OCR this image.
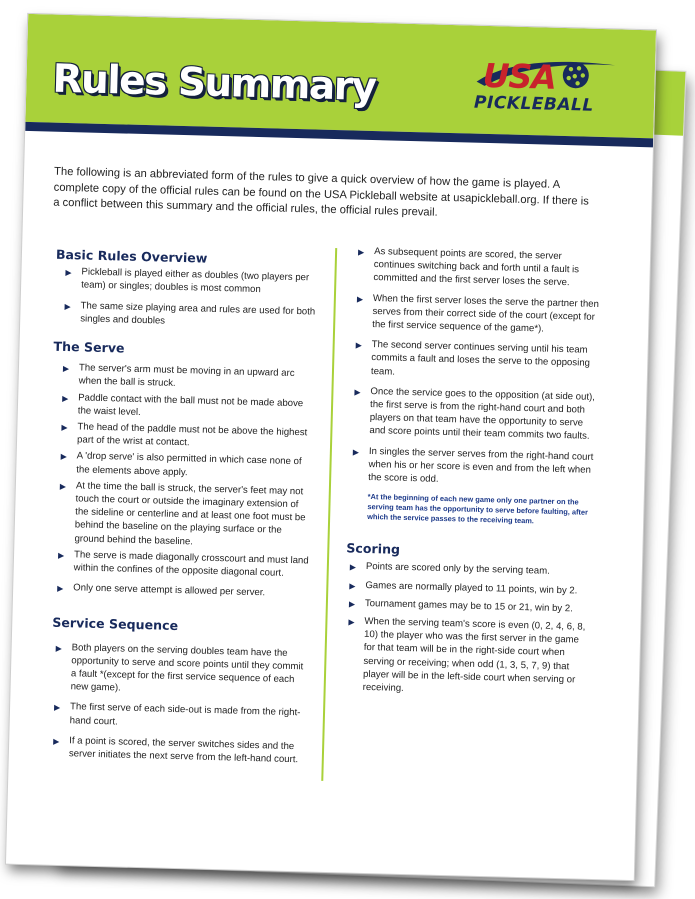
Rules Summary	USA
PICKLEBALL

The following is an abbreviated form of the rules to give a quick overview of how the game is played. A complete copy of the official rules can be found on the USA Pickleball website at usapickleball.org. If there is a conflict between this summary and the official rules, the official rules prevail.

Basic Rules Overview
▶ Pickleball is played either as doubles (two players per team) or singles; doubles is most common
▶ The same size playing area and rules are used for both singles and doubles
The Serve
▶ The server's arm must be moving in an upward arc when the ball is struck.
▶ Paddle contact with the ball must not be made above the waist level.
▶ The head of the paddle must not be above the highest part of the wrist at contact.
▶ A 'drop serve' is also permitted in which case none of the elements above apply.
▶ At the time the ball is struck, the server's feet may not touch the court or outside the imaginary extension of the sideline or centerline and at least one foot must be behind the baseline on the playing surface or the ground behind the baseline.
▶ The serve is made diagonally crosscourt and must land within the confines of the opposite diagonal court.
▶ Only one serve attempt is allowed per server.
Service Sequence
▶ Both players on the serving doubles team have the opportunity to serve and score points until they commit a fault *(except for the first service sequence of each new game).
▶ The first serve of each side-out is made from the right-hand court.
▶ If a point is scored, the server switches sides and the server initiates the next serve from the left-hand court.
▶ As subsequent points are scored, the server continues switching back and forth until a fault is committed and the first server loses the serve.
▶ When the first server loses the serve the partner then serves from their correct side of the court (except for the first service sequence of the game*).
▶ The second server continues serving until his team commits a fault and loses the serve to the opposing team.
▶ Once the service goes to the opposition (at side out), the first serve is from the right-hand court and both players on that team have the opportunity to serve and score points until their team commits two faults.
▶ In singles the server serves from the right-hand court when his or her score is even and from the left when the score is odd.

*At the beginning of each new game only one partner on the serving team has the opportunity to serve before faulting, after which the service passes to the receiving team.

Scoring
▶ Points are scored only by the serving team.
▶ Games are normally played to 11 points, win by 2.
▶ Tournament games may be to 15 or 21, win by 2.
▶ When the serving team's score is even (0, 2, 4, 6, 8, 10) the player who was the first server in the game for that team will be in the right-side court when serving or receiving; when odd (1, 3, 5, 7, 9) that player will be in the left-side court when serving or receiving.
